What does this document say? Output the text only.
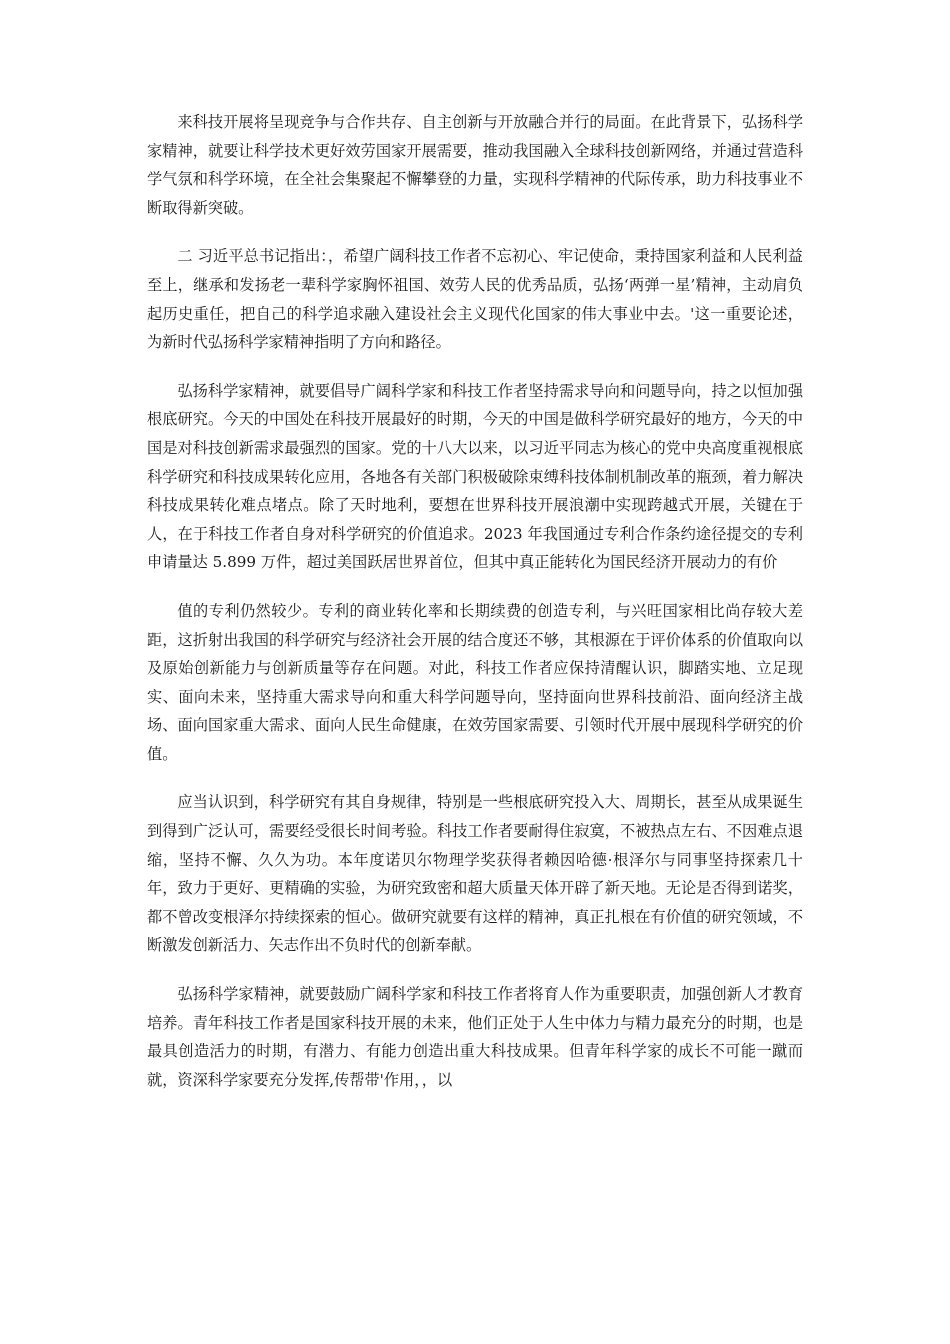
来科技开展将呈现竞争与合作共存、自主创新与开放融合并行的局面。在此背景下，弘扬科学家精神，就要让科学技术更好效劳国家开展需要，推动我国融入全球科技创新网络，并通过营造科学气氛和科学环境，在全社会集聚起不懈攀登的力量，实现科学精神的代际传承，助力科技事业不断取得新突破。

二 习近平总书记指出：，希望广阔科技工作者不忘初心、牢记使命，秉持国家利益和人民利益至上，继承和发扬老一辈科学家胸怀祖国、效劳人民的优秀品质，弘扬‘两弹一星’精神，主动肩负起历史重任，把自己的科学追求融入建设社会主义现代化国家的伟大事业中去。'这一重要论述，为新时代弘扬科学家精神指明了方向和路径。

弘扬科学家精神，就要倡导广阔科学家和科技工作者坚持需求导向和问题导向，持之以恒加强根底研究。今天的中国处在科技开展最好的时期，今天的中国是做科学研究最好的地方，今天的中国是对科技创新需求最强烈的国家。党的十八大以来，以习近平同志为核心的党中央高度重视根底科学研究和科技成果转化应用，各地各有关部门积极破除束缚科技体制机制改革的瓶颈，着力解决科技成果转化难点堵点。除了天时地利，要想在世界科技开展浪潮中实现跨越式开展，关键在于人，在于科技工作者自身对科学研究的价值追求。2023 年我国通过专利合作条约途径提交的专利申请量达 5.899 万件，超过美国跃居世界首位，但其中真正能转化为国民经济开展动力的有价

值的专利仍然较少。专利的商业转化率和长期续费的创造专利，与兴旺国家相比尚存较大差距，这折射出我国的科学研究与经济社会开展的结合度还不够，其根源在于评价体系的价值取向以及原始创新能力与创新质量等存在问题。对此，科技工作者应保持清醒认识，脚踏实地、立足现实、面向未来，坚持重大需求导向和重大科学问题导向，坚持面向世界科技前沿、面向经济主战场、面向国家重大需求、面向人民生命健康，在效劳国家需要、引领时代开展中展现科学研究的价值。

应当认识到，科学研究有其自身规律，特别是一些根底研究投入大、周期长，甚至从成果诞生到得到广泛认可，需要经受很长时间考验。科技工作者要耐得住寂寞，不被热点左右、不因难点退缩，坚持不懈、久久为功。本年度诺贝尔物理学奖获得者赖因哈德·根泽尔与同事坚持探索几十年，致力于更好、更精确的实验，为研究致密和超大质量天体开辟了新天地。无论是否得到诺奖，都不曾改变根泽尔持续探索的恒心。做研究就要有这样的精神，真正扎根在有价值的研究领域，不断激发创新活力、矢志作出不负时代的创新奉献。

弘扬科学家精神，就要鼓励广阔科学家和科技工作者将育人作为重要职责，加强创新人才教育培养。青年科技工作者是国家科技开展的未来，他们正处于人生中体力与精力最充分的时期，也是最具创造活力的时期，有潜力、有能力创造出重大科技成果。但青年科学家的成长不可能一蹴而就，资深科学家要充分发挥,传帮带'作用，，以
